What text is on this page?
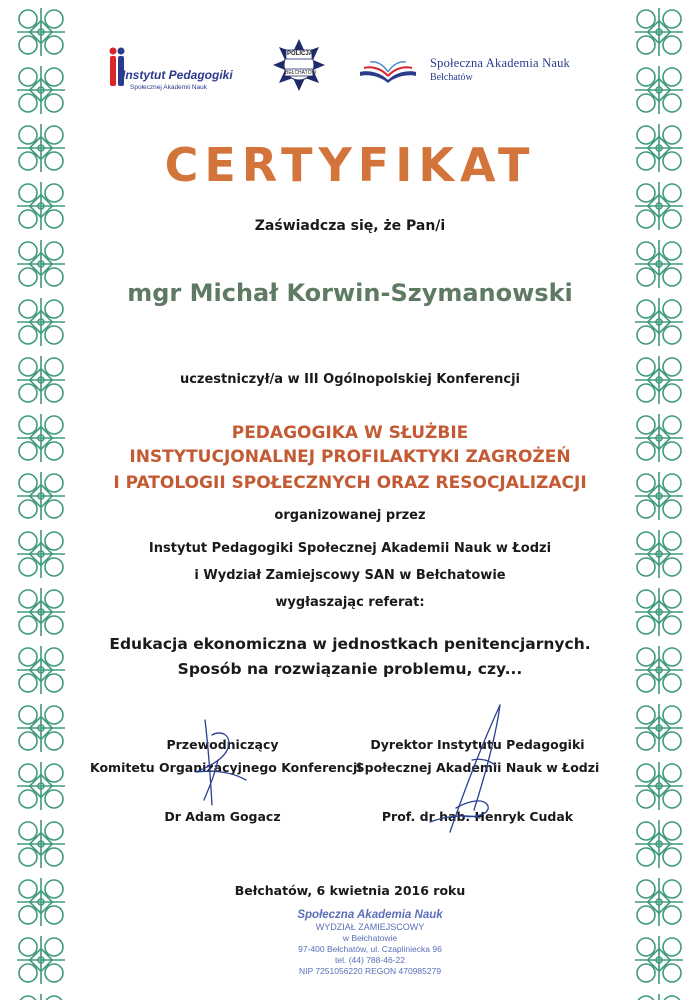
Instytut Pedagogiki
Społecznej Akademii Nauk
POLICJA
BEŁCHATÓW
Społeczna Akademia Nauk
Bełchatów
CERTYFIKAT
Zaświadcza się, że Pan/i
mgr Michał Korwin-Szymanowski
uczestniczył/a w III Ogólnopolskiej Konferencji
PEDAGOGIKA W SŁUŻBIE
INSTYTUCJONALNEJ PROFILAKTYKI ZAGROŻEŃ
I PATOLOGII SPOŁECZNYCH ORAZ RESOCJALIZACJI
organizowanej przez
Instytut Pedagogiki Społecznej Akademii Nauk w Łodzi
i Wydział Zamiejscowy SAN w Bełchatowie
wygłaszając referat:
Edukacja ekonomiczna w jednostkach penitencjarnych.
Sposób na rozwiązanie problemu, czy...
Przewodniczący
Komitetu Organizacyjnego Konferencji
Dyrektor Instytutu Pedagogiki
Społecznej Akademii Nauk w Łodzi
Dr Adam Gogacz	Prof. dr hab. Henryk Cudak
Bełchatów, 6 kwietnia 2016 roku
Społeczna Akademia Nauk
WYDZIAŁ ZAMIEJSCOWY
w Bełchatowie
97-400 Bełchatów, ul. Czapliniecka 96
tel. (44) 788-46-22
NIP 7251056220 REGON 470985279
